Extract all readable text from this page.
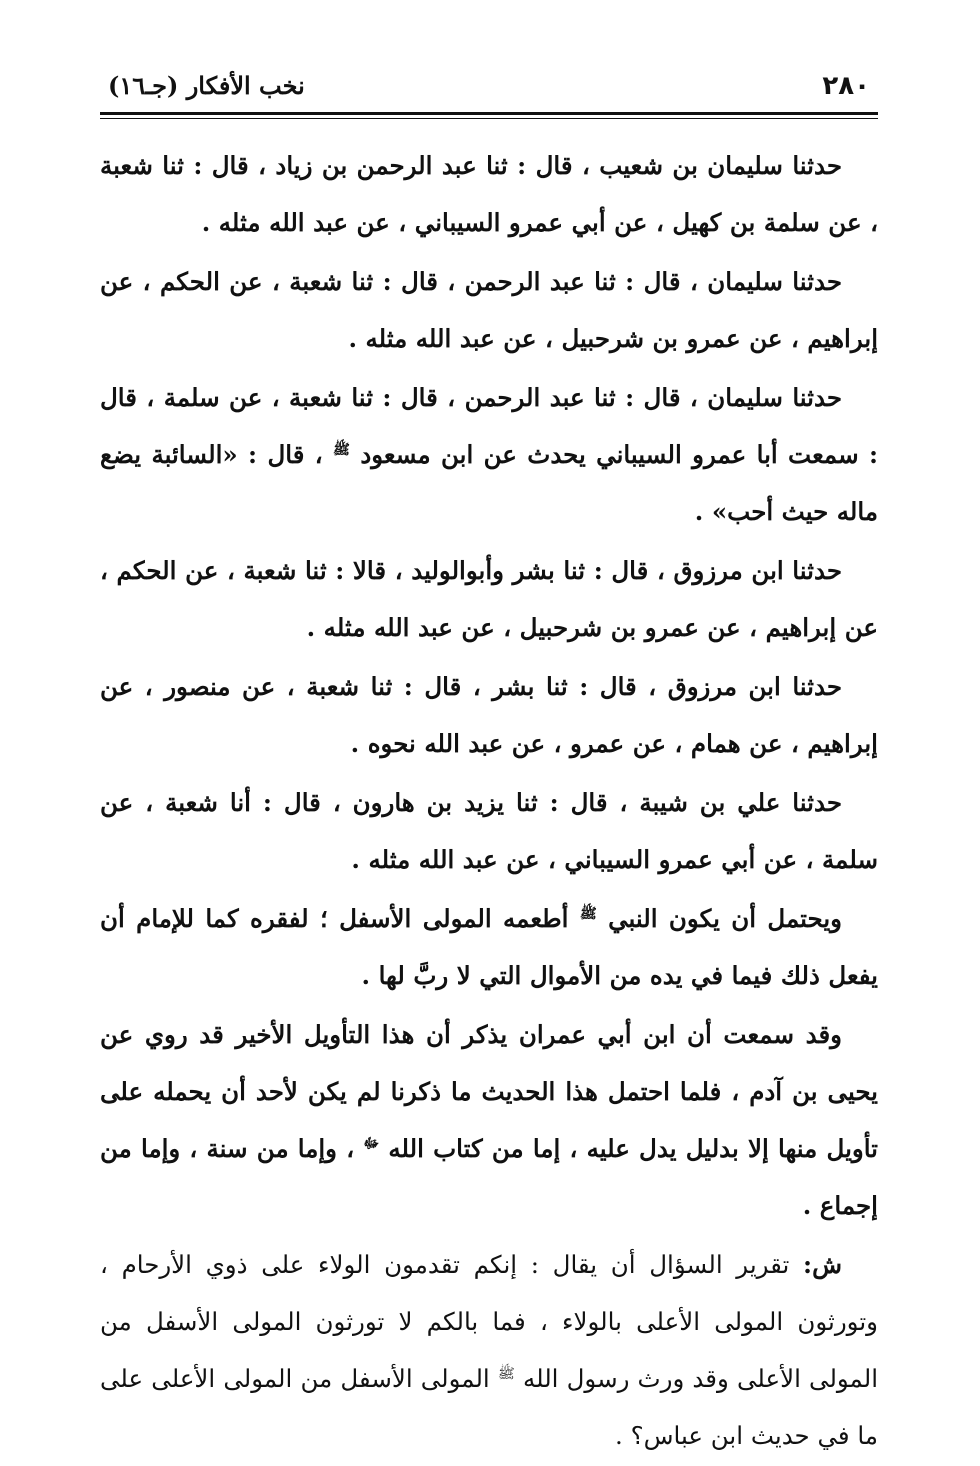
٢٨٠
نخب الأفكار (جـ١٦)

حدثنا سليمان بن شعيب ، قال : ثنا عبد الرحمن بن زياد ، قال : ثنا شعبة ، عن سلمة بن كهيل ، عن أبي عمرو السيباني ، عن عبد الله مثله .

حدثنا سليمان ، قال : ثنا عبد الرحمن ، قال : ثنا شعبة ، عن الحكم ، عن إبراهيم ، عن عمرو بن شرحبيل ، عن عبد الله مثله .

حدثنا سليمان ، قال : ثنا عبد الرحمن ، قال : ثنا شعبة ، عن سلمة ، قال : سمعت أبا عمرو السيباني يحدث عن ابن مسعود $^ﷺ$ ، قال : «السائبة يضع ماله حيث أحب» .

حدثنا ابن مرزوق ، قال : ثنا بشر وأبوالوليد ، قالا : ثنا شعبة ، عن الحكم ، عن إبراهيم ، عن عمرو بن شرحبيل ، عن عبد الله مثله .

حدثنا ابن مرزوق ، قال : ثنا بشر ، قال : ثنا شعبة ، عن منصور ، عن إبراهيم ، عن همام ، عن عمرو ، عن عبد الله نحوه .

حدثنا علي بن شيبة ، قال : ثنا يزيد بن هارون ، قال : أنا شعبة ، عن سلمة ، عن أبي عمرو السيباني ، عن عبد الله مثله .

ويحتمل أن يكون النبي $^ﷺ$ أطعمه المولى الأسفل ؛ لفقره كما للإمام أن يفعل ذلك فيما في يده من الأموال التي لا ربَّ لها .

وقد سمعت أن ابن أبي عمران يذكر أن هذا التأويل الأخير قد روي عن يحيى بن آدم ، فلما احتمل هذا الحديث ما ذكرنا لم يكن لأحد أن يحمله على تأويل منها إلا بدليل يدل عليه ، إما من كتاب الله $^ﷻ$ ، وإما من سنة ، وإما من إجماع .

ش: تقرير السؤال أن يقال : إنكم تقدمون الولاء على ذوي الأرحام ، وتورثون المولى الأعلى بالولاء ، فما بالكم لا تورثون المولى الأسفل من المولى الأعلى وقد ورث رسول الله $^ﷺ$ المولى الأسفل من المولى الأعلى على ما في حديث ابن عباس؟ .
